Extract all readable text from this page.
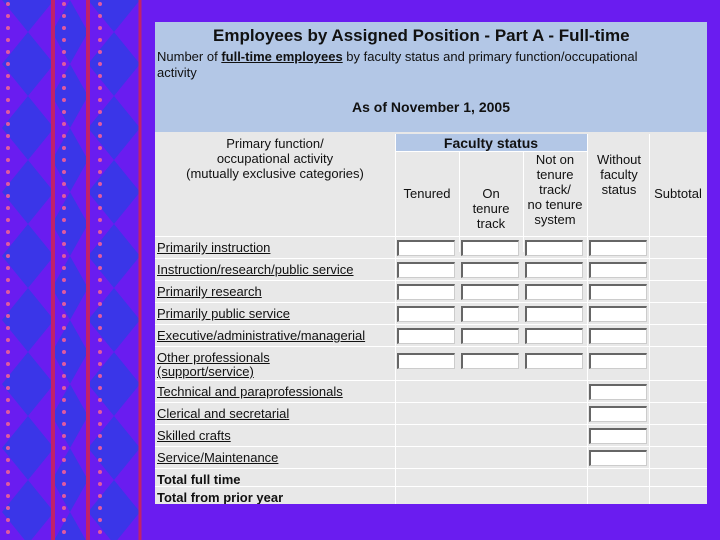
Employees by Assigned Position - Part A - Full-time
Number of full-time employees by faculty status and primary function/occupational
activity
As of November 1, 2005
Primary function/
occupational activity
(mutually exclusive categories)
Faculty status
Tenured	On
tenure
track
Not on
tenure
track/
no tenure
system
Without
faculty
status	Subtotal
Primarily instruction
Instruction/research/public service
Primarily research
Primarily public service
Executive/administrative/managerial
Other professionals
(support/service)
Technical and paraprofessionals
Clerical and secretarial
Skilled crafts
Service/Maintenance
Total full time
Total from prior year
